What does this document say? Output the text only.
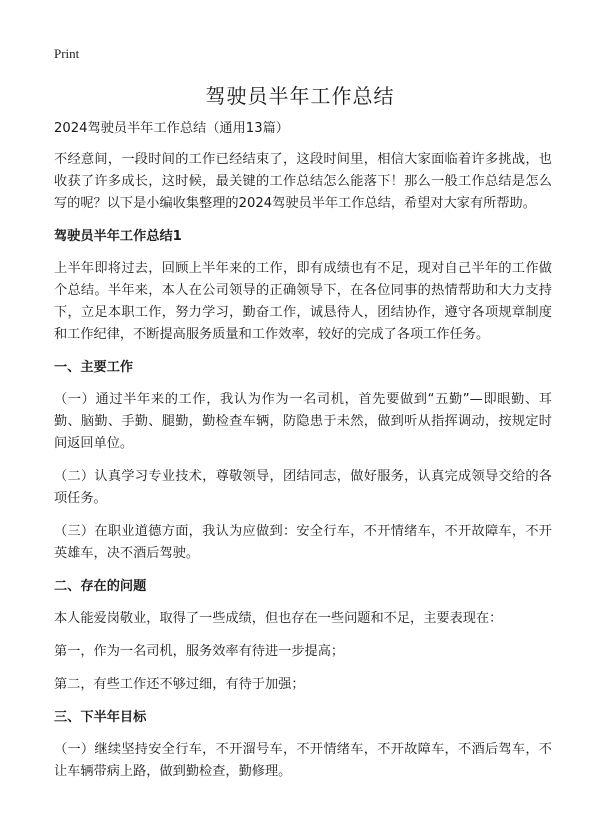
Print
驾驶员半年工作总结

2024驾驶员半年工作总结（通用13篇）

不经意间，一段时间的工作已经结束了，这段时间里，相信大家面临着许多挑战，也收获了许多成长，这时候，最关键的工作总结怎么能落下！那么一般工作总结是怎么写的呢？以下是小编收集整理的2024驾驶员半年工作总结，希望对大家有所帮助。

驾驶员半年工作总结1

上半年即将过去，回顾上半年来的工作，即有成绩也有不足，现对自己半年的工作做个总结。半年来，本人在公司领导的正确领导下，在各位同事的热情帮助和大力支持下，立足本职工作，努力学习，勤奋工作，诚恳待人，团结协作，遵守各项规章制度和工作纪律，不断提高服务质量和工作效率，较好的完成了各项工作任务。

一、主要工作

（一）通过半年来的工作，我认为作为一名司机，首先要做到“五勤”—即眼勤、耳勤、脑勤、手勤、腿勤，勤检查车辆，防隐患于未然，做到听从指挥调动，按规定时间返回单位。

（二）认真学习专业技术，尊敬领导，团结同志，做好服务，认真完成领导交给的各项任务。

（三）在职业道德方面，我认为应做到：安全行车，不开情绪车，不开故障车，不开英雄车，决不酒后驾驶。

二、存在的问题

本人能爱岗敬业，取得了一些成绩，但也存在一些问题和不足，主要表现在：

第一，作为一名司机，服务效率有待进一步提高；

第二，有些工作还不够过细，有待于加强；

三、下半年目标

（一）继续坚持安全行车，不开溜号车，不开情绪车，不开故障车，不酒后驾车，不让车辆带病上路，做到勤检查，勤修理。
